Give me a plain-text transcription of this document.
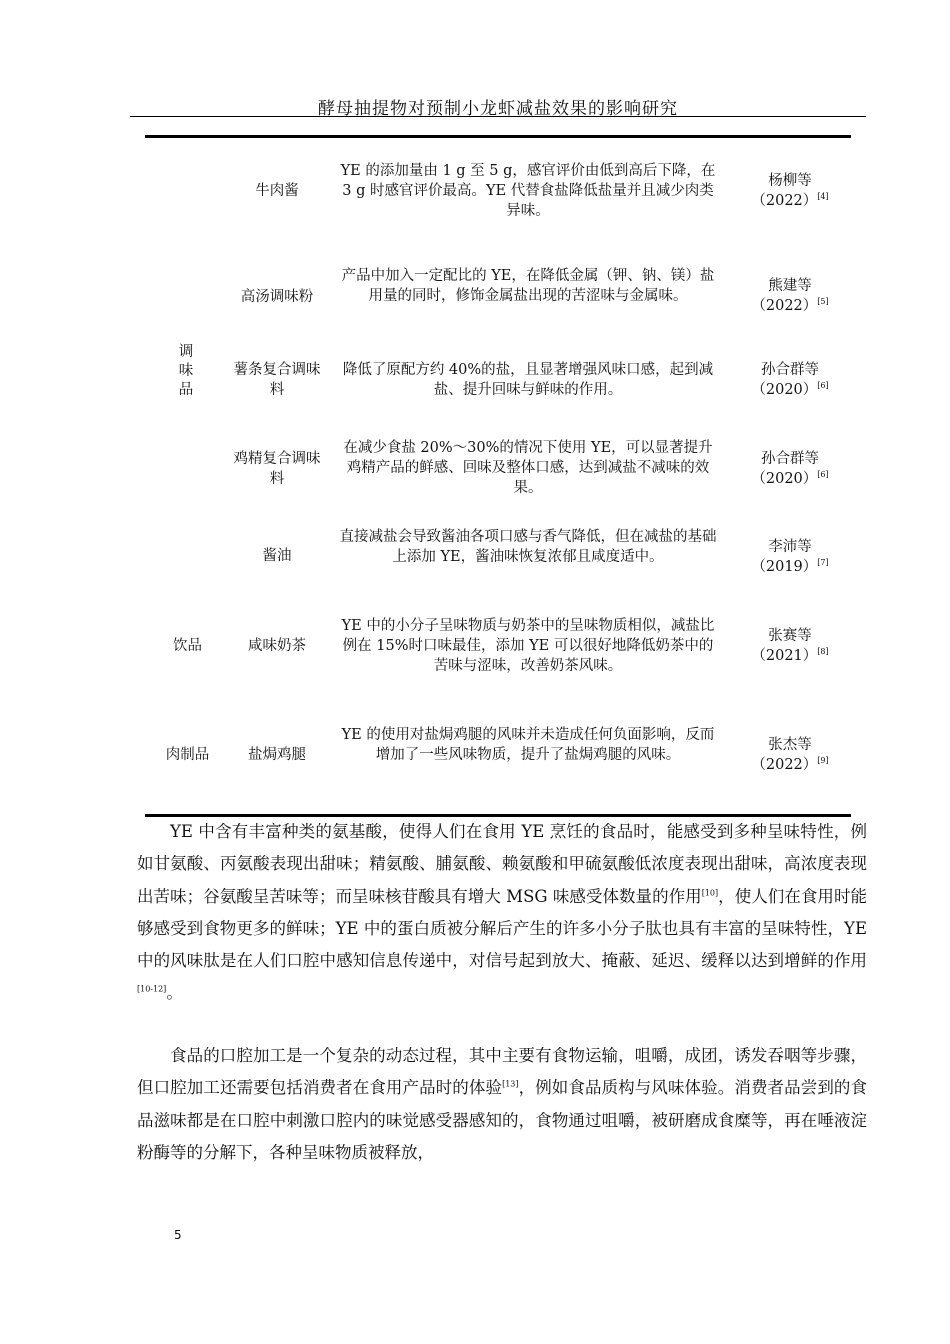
酵母抽提物对预制小龙虾减盐效果的影响研究
牛肉酱
YE 的添加量由 1 g 至 5 g，感官评价由低到高后下降，在 3 g 时感官评价最高。YE 代替食盐降低盐量并且减少肉类异味。
杨柳等
（2022）[4]
高汤调味粉
产品中加入一定配比的 YE，在降低金属（钾、钠、镁）盐用量的同时，修饰金属盐出现的苦涩味与金属味。
熊建等
（2022）[5]
调味品
薯条复合调味料
降低了原配方约 40%的盐，且显著增强风味口感，起到减盐、提升回味与鲜味的作用。
孙合群等
（2020）[6]
鸡精复合调味料
在减少食盐 20%～30%的情况下使用 YE，可以显著提升鸡精产品的鲜感、回味及整体口感，达到减盐不减味的效果。
孙合群等
（2020）[6]
酱油
直接减盐会导致酱油各项口感与香气降低，但在减盐的基础上添加 YE，酱油味恢复浓郁且咸度适中。
李沛等
（2019）[7]
饮品	咸味奶茶
YE 中的小分子呈味物质与奶茶中的呈味物质相似，减盐比例在 15%时口味最佳，添加 YE 可以很好地降低奶茶中的苦味与涩味，改善奶茶风味。
张赛等
（2021）[8]
肉制品	盐焗鸡腿
YE 的使用对盐焗鸡腿的风味并未造成任何负面影响，反而增加了一些风味物质，提升了盐焗鸡腿的风味。
张杰等
（2022）[9]

YE 中含有丰富种类的氨基酸，使得人们在食用 YE 烹饪的食品时，能感受到多种呈味特性，例如甘氨酸、丙氨酸表现出甜味；精氨酸、脯氨酸、赖氨酸和甲硫氨酸低浓度表现出甜味，高浓度表现出苦味；谷氨酸呈苦味等；而呈味核苷酸具有增大 MSG 味感受体数量的作用[10]，使人们在食用时能够感受到食物更多的鲜味；YE 中的蛋白质被分解后产生的许多小分子肽也具有丰富的呈味特性，YE 中的风味肽是在人们口腔中感知信息传递中，对信号起到放大、掩蔽、延迟、缓释以达到增鲜的作用[10-12]。

食品的口腔加工是一个复杂的动态过程，其中主要有食物运输，咀嚼，成团，诱发吞咽等步骤，但口腔加工还需要包括消费者在食用产品时的体验[13]，例如食品质构与风味体验。消费者品尝到的食品滋味都是在口腔中刺激口腔内的味觉感受器感知的，食物通过咀嚼，被研磨成食糜等，再在唾液淀粉酶等的分解下，各种呈味物质被释放，

5
